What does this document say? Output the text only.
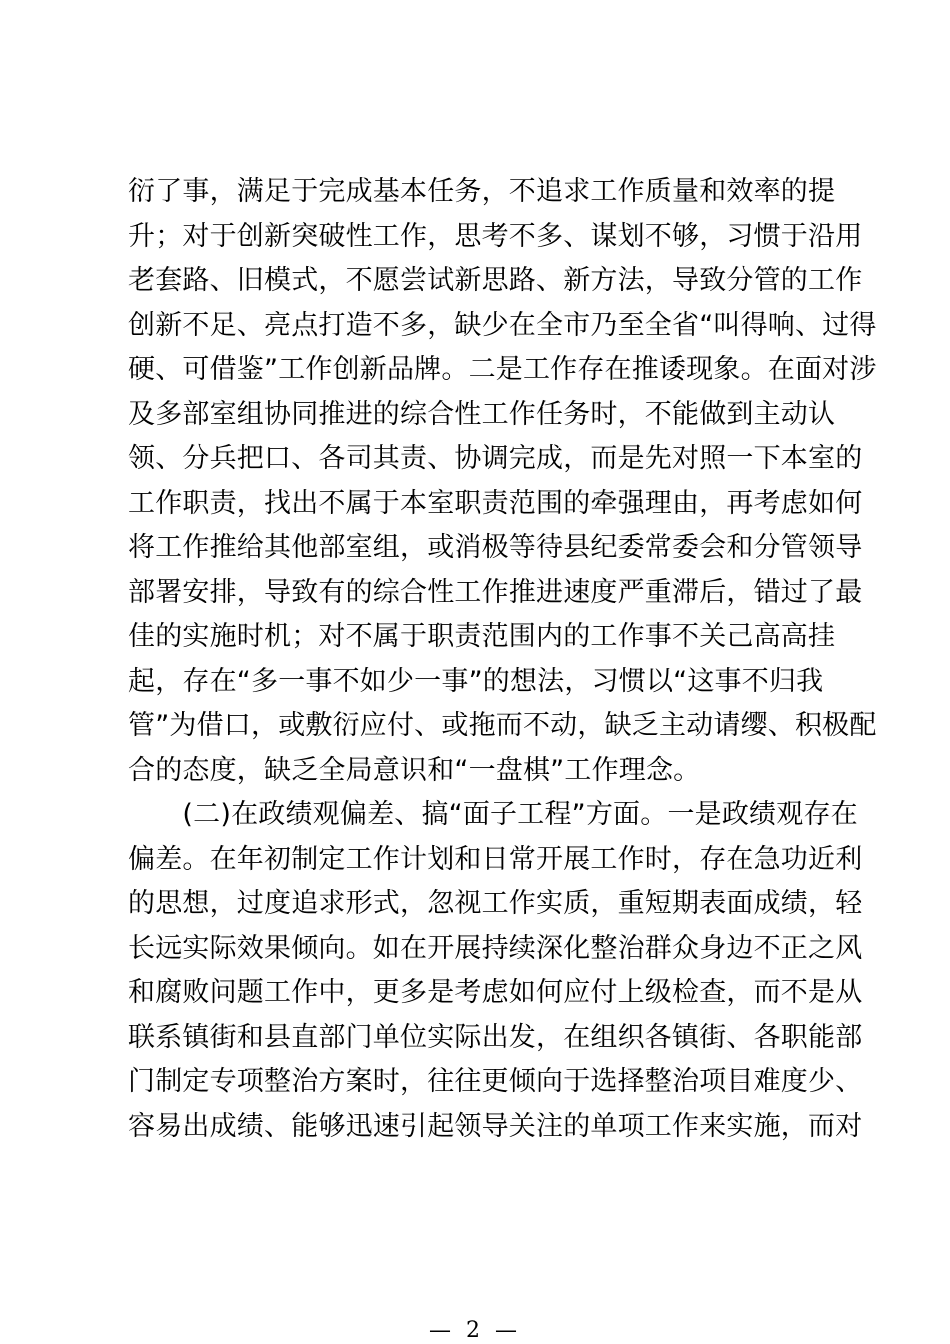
衍了事，满足于完成基本任务，不追求工作质量和效率的提
升；对于创新突破性工作，思考不多、谋划不够，习惯于沿用
老套路、旧模式，不愿尝试新思路、新方法，导致分管的工作
创新不足、亮点打造不多，缺少在全市乃至全省“叫得响、过得
硬、可借鉴”工作创新品牌。二是工作存在推诿现象。在面对涉
及多部室组协同推进的综合性工作任务时，不能做到主动认
领、分兵把口、各司其责、协调完成，而是先对照一下本室的
工作职责，找出不属于本室职责范围的牵强理由，再考虑如何
将工作推给其他部室组，或消极等待县纪委常委会和分管领导
部署安排，导致有的综合性工作推进速度严重滞后，错过了最
佳的实施时机；对不属于职责范围内的工作事不关己高高挂
起，存在“多一事不如少一事”的想法，习惯以“这事不归我
管”为借口，或敷衍应付、或拖而不动，缺乏主动请缨、积极配
合的态度，缺乏全局意识和“一盘棋”工作理念。
　　(二)在政绩观偏差、搞“面子工程”方面。一是政绩观存在
偏差。在年初制定工作计划和日常开展工作时，存在急功近利
的思想，过度追求形式，忽视工作实质，重短期表面成绩，轻
长远实际效果倾向。如在开展持续深化整治群众身边不正之风
和腐败问题工作中，更多是考虑如何应付上级检查，而不是从
联系镇街和县直部门单位实际出发，在组织各镇街、各职能部
门制定专项整治方案时，往往更倾向于选择整治项目难度少、
容易出成绩、能够迅速引起领导关注的单项工作来实施，而对
— 2 —
